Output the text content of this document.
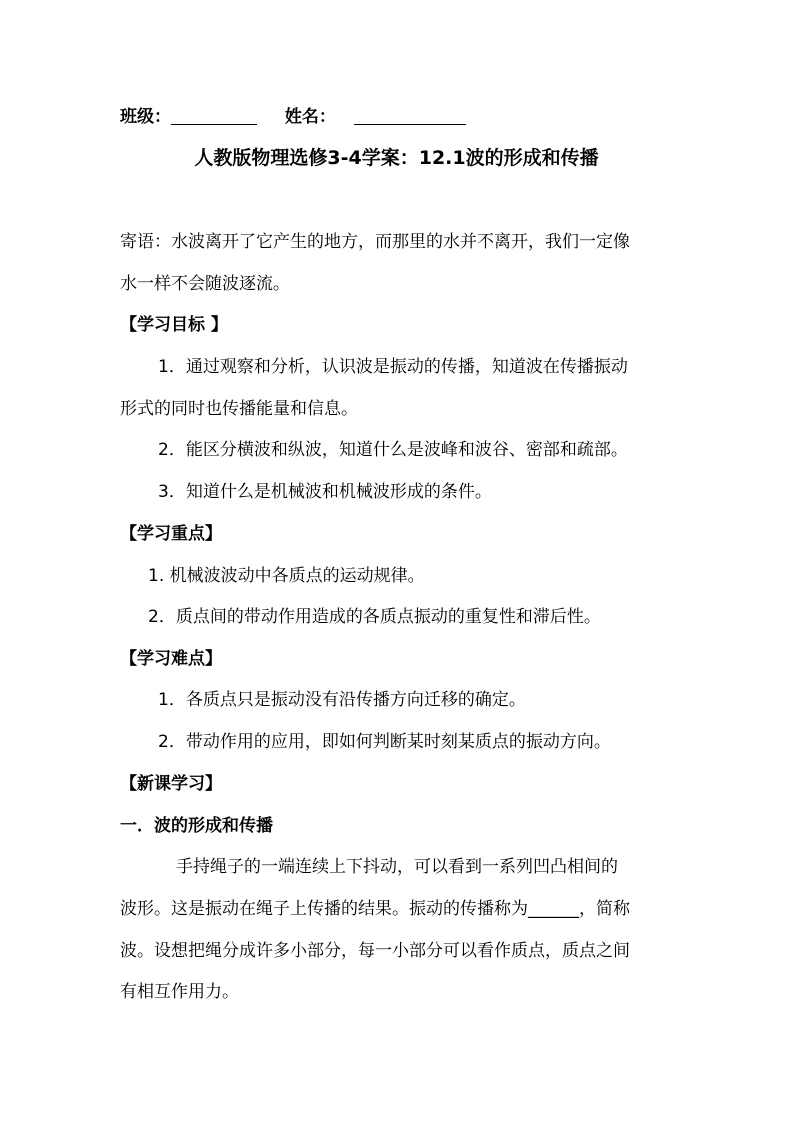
班级：	姓名：
人教版物理选修3-4学案：12.1波的形成和传播
寄语：水波离开了它产生的地方，而那里的水并不离开，我们一定像
水一样不会随波逐流。
【学习目标 】
1．通过观察和分析，认识波是振动的传播，知道波在传播振动
形式的同时也传播能量和信息。
2．能区分横波和纵波，知道什么是波峰和波谷、密部和疏部。
3．知道什么是机械波和机械波形成的条件。
【学习重点】
1. 机械波波动中各质点的运动规律。
2．质点间的带动作用造成的各质点振动的重复性和滞后性。
【学习难点】
1．各质点只是振动没有沿传播方向迁移的确定。
2．带动作用的应用，即如何判断某时刻某质点的振动方向。
【新课学习】
一．波的形成和传播
手持绳子的一端连续上下抖动，可以看到一系列凹凸相间的
波形。这是振动在绳子上传播的结果。振动的传播称为______，简称
波。设想把绳分成许多小部分，每一小部分可以看作质点，质点之间
有相互作用力。
